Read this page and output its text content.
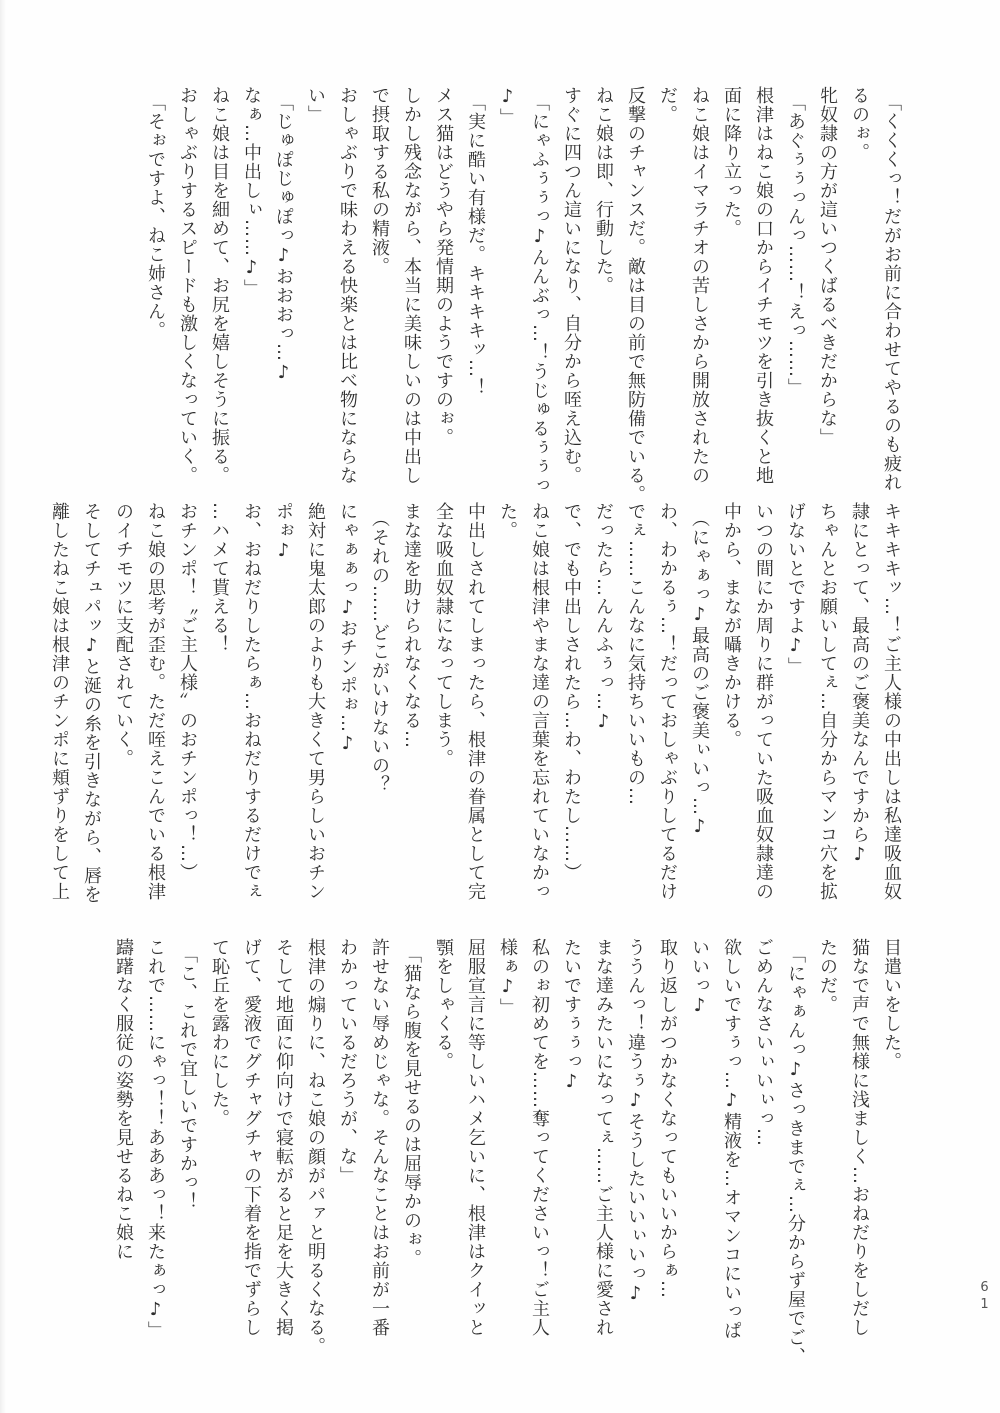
「くくくっ！だがお前に合わせてやるのも疲れ

るのぉ。

牝奴隷の方が這いつくばるべきだからな」

「あぐぅぅっんっ……！えっ……」

根津はねこ娘の口からイチモツを引き抜くと地

面に降り立った。

ねこ娘はイマラチオの苦しさから開放されたの

だ。

反撃のチャンスだ。敵は目の前で無防備でいる。

ねこ娘は即、行動した。

すぐに四つん這いになり、自分から咥え込む。

「にゃふぅぅっ♪んんぶっ…！うじゅるぅぅっ

♪」

「実に酷い有様だ。キキキキッ…！

メス猫はどうやら発情期のようですのぉ。

しかし残念ながら、本当に美味しいのは中出し

で摂取する私の精液。

おしゃぶりで味わえる快楽とは比べ物にならな

い」

「じゅぽじゅぽっ♪おおおっ…♪

なぁ…中出しぃ……♪」

ねこ娘は目を細めて、お尻を嬉しそうに振る。

おしゃぶりするスピードも激しくなっていく。

「そぉですよ、ねこ姉さん。

キキキキッ…！ご主人様の中出しは私達吸血奴

隷にとって、最高のご褒美なんですから♪

ちゃんとお願いしてぇ…自分からマンコ穴を拡

げないとですよ♪」

いつの間にか周りに群がっていた吸血奴隷達の

中から、まなが囁きかける。

（にゃぁっ♪最高のご褒美ぃいっ…♪

わ、わかるぅ…！だっておしゃぶりしてるだけ

でぇ……こんなに気持ちいいもの…

だったら…んんふぅっ…♪

で、でも中出しされたら…わ、わたし……）

ねこ娘は根津やまな達の言葉を忘れていなかっ

た。

中出しされてしまったら、根津の眷属として完

全な吸血奴隷になってしまう。

まな達を助けられなくなる…

（それの……どこがいけないの？

にゃぁぁっ♪おチンポぉ…♪

絶対に鬼太郎のよりも大きくて男らしいおチン

ポぉ♪

お、おねだりしたらぁ…おねだりするだけでぇ

…ハメて貰える！

おチンポ！〝ご主人様〟のおチンポっ！…）

ねこ娘の思考が歪む。ただ咥えこんでいる根津

のイチモツに支配されていく。

そしてチュパッ♪と涎の糸を引きながら、唇を

離したねこ娘は根津のチンポに頬ずりをして上

目遣いをした。

猫なで声で無様に浅ましく…おねだりをしだし

たのだ。

「にゃぁんっ♪さっきまでぇ…分からず屋でご、

ごめんなさいぃいぃっ…

欲しいですぅっ…♪精液を…オマンコにいっぱ

いいっ♪

取り返しがつかなくなってもいいからぁ…

ううんっ！違うぅ♪そうしたいいぃいっ♪

まな達みたいになってぇ……ご主人様に愛され

たいですぅぅっ♪

私のぉ初めてを……奪ってくださいっ！ご主人

様ぁ♪」

屈服宣言に等しいハメ乞いに、根津はクイッと

顎をしゃくる。

「猫なら腹を見せるのは屈辱かのぉ。

許せない辱めじゃな。そんなことはお前が一番

わかっているだろうが、な」

根津の煽りに、ねこ娘の顔がパァと明るくなる。

そして地面に仰向けで寝転がると足を大きく掲

げて、愛液でグチャグチャの下着を指でずらし

て恥丘を露わにした。

「こ、これで宜しいですかっ！

これで……にゃっ！！あああっ！来たぁっ♪」

躊躇なく服従の姿勢を見せるねこ娘に

61
